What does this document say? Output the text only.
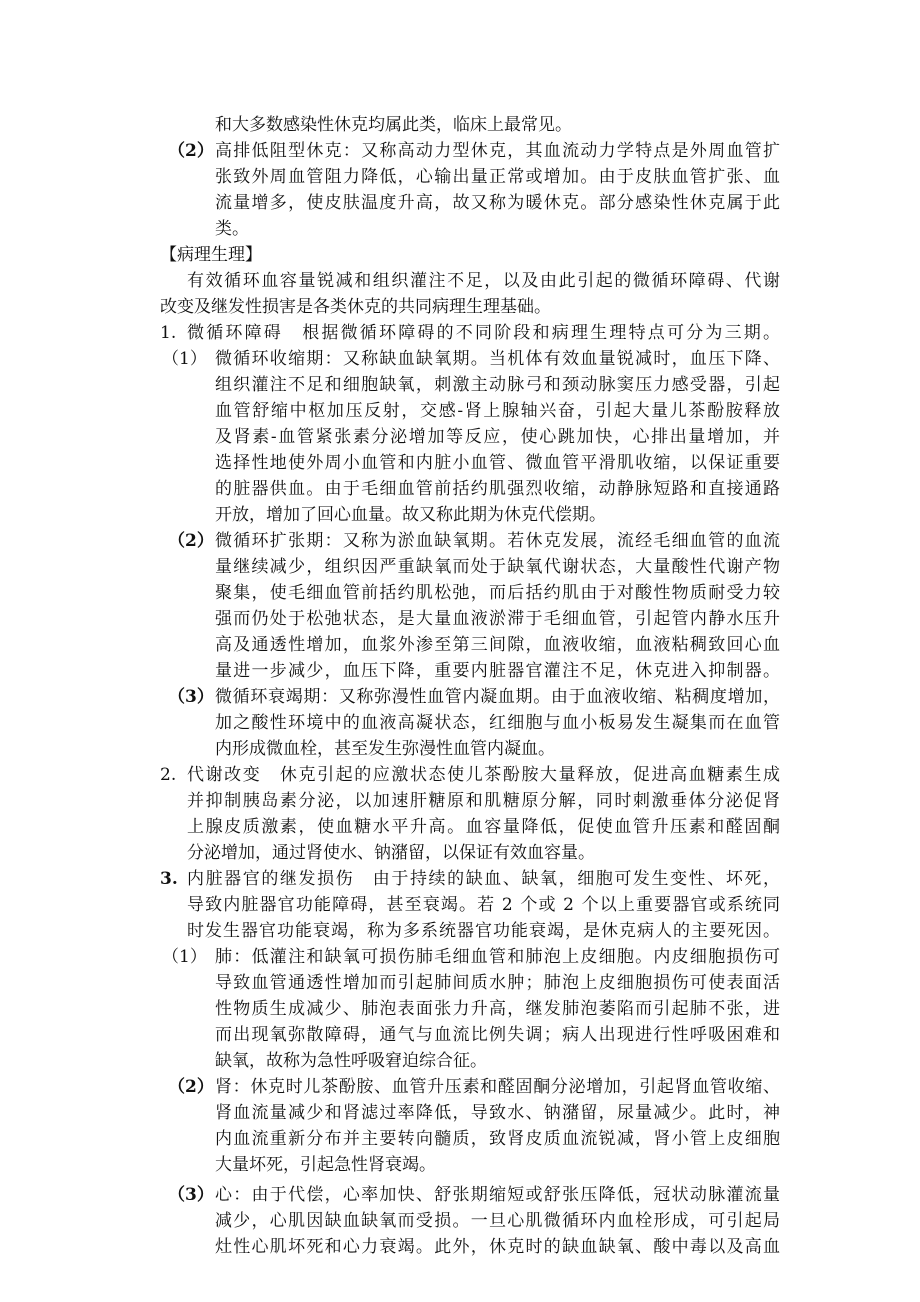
和大多数感染性休克均属此类，临床上最常见。
（2） 高排低阻型休克：又称高动力型休克，其血流动力学特点是外周血管扩
张致外周血管阻力降低，心输出量正常或增加。由于皮肤血管扩张、血
流量增多，使皮肤温度升高，故又称为暖休克。部分感染性休克属于此
类。
【病理生理】
有效循环血容量锐减和组织灌注不足，以及由此引起的微循环障碍、代谢
改变及继发性损害是各类休克的共同病理生理基础。
1. 微循环障碍　根据微循环障碍的不同阶段和病理生理特点可分为三期。
（1） 微循环收缩期：又称缺血缺氧期。当机体有效血量锐减时，血压下降、
组织灌注不足和细胞缺氧，刺激主动脉弓和颈动脉窦压力感受器，引起
血管舒缩中枢加压反射，交感-肾上腺轴兴奋，引起大量儿茶酚胺释放
及肾素-血管紧张素分泌增加等反应，使心跳加快，心排出量增加，并
选择性地使外周小血管和内脏小血管、微血管平滑肌收缩，以保证重要
的脏器供血。由于毛细血管前括约肌强烈收缩，动静脉短路和直接通路
开放，增加了回心血量。故又称此期为休克代偿期。
（2） 微循环扩张期：又称为淤血缺氧期。若休克发展，流经毛细血管的血流
量继续减少，组织因严重缺氧而处于缺氧代谢状态，大量酸性代谢产物
聚集，使毛细血管前括约肌松弛，而后括约肌由于对酸性物质耐受力较
强而仍处于松弛状态，是大量血液淤滞于毛细血管，引起管内静水压升
高及通透性增加，血浆外渗至第三间隙，血液收缩，血液粘稠致回心血
量进一步减少，血压下降，重要内脏器官灌注不足，休克进入抑制器。
（3） 微循环衰竭期：又称弥漫性血管内凝血期。由于血液收缩、粘稠度增加，
加之酸性环境中的血液高凝状态，红细胞与血小板易发生凝集而在血管
内形成微血栓，甚至发生弥漫性血管内凝血。
2. 代谢改变　休克引起的应激状态使儿茶酚胺大量释放，促进高血糖素生成
并抑制胰岛素分泌，以加速肝糖原和肌糖原分解，同时刺激垂体分泌促肾
上腺皮质激素，使血糖水平升高。血容量降低，促使血管升压素和醛固酮
分泌增加，通过肾使水、钠潴留，以保证有效血容量。
3. 内脏器官的继发损伤　由于持续的缺血、缺氧，细胞可发生变性、坏死，
导致内脏器官功能障碍，甚至衰竭。若 2 个或 2 个以上重要器官或系统同
时发生器官功能衰竭，称为多系统器官功能衰竭，是休克病人的主要死因。
（1） 肺：低灌注和缺氧可损伤肺毛细血管和肺泡上皮细胞。内皮细胞损伤可
导致血管通透性增加而引起肺间质水肿；肺泡上皮细胞损伤可使表面活
性物质生成减少、肺泡表面张力升高，继发肺泡萎陷而引起肺不张，进
而出现氧弥散障碍，通气与血流比例失调；病人出现进行性呼吸困难和
缺氧，故称为急性呼吸窘迫综合征。
（2） 肾：休克时儿茶酚胺、血管升压素和醛固酮分泌增加，引起肾血管收缩、
肾血流量减少和肾滤过率降低，导致水、钠潴留，尿量减少。此时，神
内血流重新分布并主要转向髓质，致肾皮质血流锐减，肾小管上皮细胞
大量坏死，引起急性肾衰竭。
（3） 心：由于代偿，心率加快、舒张期缩短或舒张压降低，冠状动脉灌流量
减少，心肌因缺血缺氧而受损。一旦心肌微循环内血栓形成，可引起局
灶性心肌坏死和心力衰竭。此外，休克时的缺血缺氧、酸中毒以及高血
